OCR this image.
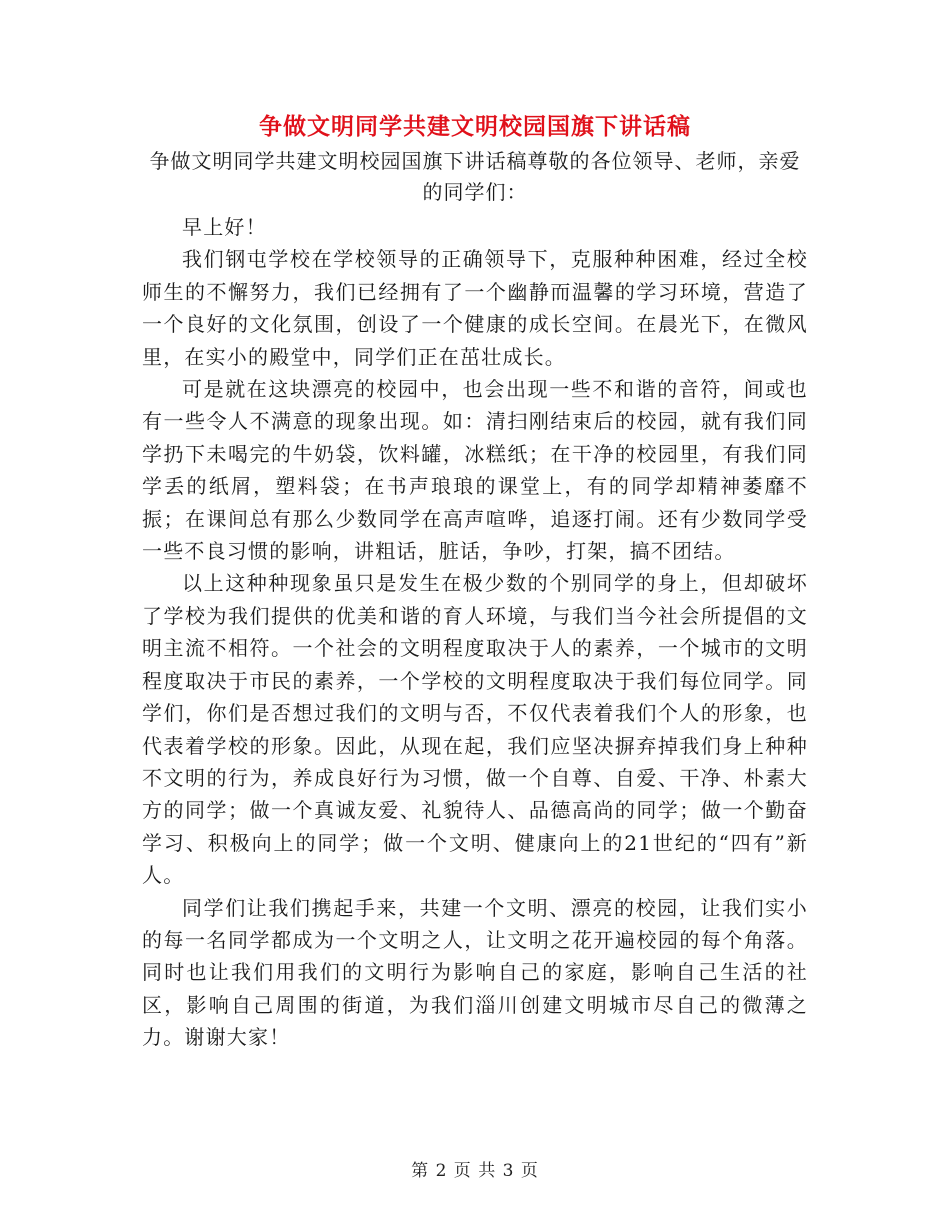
争做文明同学共建文明校园国旗下讲话稿
争做文明同学共建文明校园国旗下讲话稿尊敬的各位领导、老师，亲爱的同学们：

早上好！

我们钢屯学校在学校领导的正确领导下，克服种种困难，经过全校师生的不懈努力，我们已经拥有了一个幽静而温馨的学习环境，营造了一个良好的文化氛围，创设了一个健康的成长空间。在晨光下，在微风里，在实小的殿堂中，同学们正在茁壮成长。

可是就在这块漂亮的校园中，也会出现一些不和谐的音符，间或也有一些令人不满意的现象出现。如：清扫刚结束后的校园，就有我们同学扔下未喝完的牛奶袋，饮料罐，冰糕纸；在干净的校园里，有我们同学丢的纸屑，塑料袋；在书声琅琅的课堂上，有的同学却精神萎靡不振；在课间总有那么少数同学在高声喧哗，追逐打闹。还有少数同学受一些不良习惯的影响，讲粗话，脏话，争吵，打架，搞不团结。

以上这种种现象虽只是发生在极少数的个别同学的身上，但却破坏了学校为我们提供的优美和谐的育人环境，与我们当今社会所提倡的文明主流不相符。一个社会的文明程度取决于人的素养，一个城市的文明程度取决于市民的素养，一个学校的文明程度取决于我们每位同学。同学们，你们是否想过我们的文明与否，不仅代表着我们个人的形象，也代表着学校的形象。因此，从现在起，我们应坚决摒弃掉我们身上种种不文明的行为，养成良好行为习惯，做一个自尊、自爱、干净、朴素大方的同学；做一个真诚友爱、礼貌待人、品德高尚的同学；做一个勤奋学习、积极向上的同学；做一个文明、健康向上的21世纪的“四有”新人。

同学们让我们携起手来，共建一个文明、漂亮的校园，让我们实小的每一名同学都成为一个文明之人，让文明之花开遍校园的每个角落。同时也让我们用我们的文明行为影响自己的家庭，影响自己生活的社区，影响自己周围的街道，为我们淄川创建文明城市尽自己的微薄之力。谢谢大家！

第 2 页 共 3 页
